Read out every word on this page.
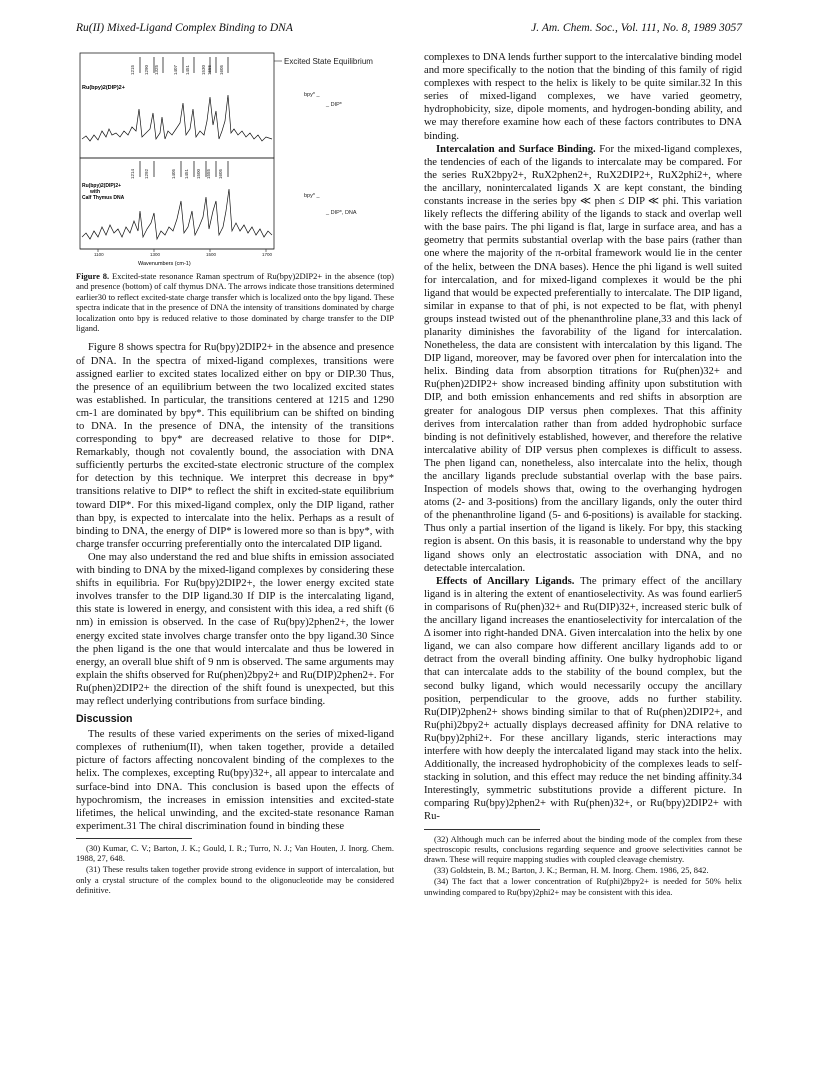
Ru(II) Mixed-Ligand Complex Binding to DNA	J. Am. Chem. Soc., Vol. 111, No. 8, 1989 3057
1215 1290 1325	1407 1451 1530 1555 1605
Ru(bpy)2(DIP)2+
1214 1292	1405 1451 1500 1555 1605
Ru(bpy)2(DIP)2+
with
Calf Thymus DNA
1100	1300	1500	1700
Wavenumbers (cm-1)
Excited State Equilibrium
bpy* _
_ DIP*
bpy* _
_ DIP*, DNA
Figure 8. Excited-state resonance Raman spectrum of Ru(bpy)2DIP2+ in the absence (top) and presence (bottom) of calf thymus DNA. The arrows indicate those transitions determined earlier30 to reflect excited-state charge transfer which is localized onto the bpy ligand. These spectra indicate that in the presence of DNA the intensity of transitions dominated by charge localization onto bpy is reduced relative to those dominated by charge transfer to the DIP ligand.

Figure 8 shows spectra for Ru(bpy)2DIP2+ in the absence and presence of DNA. In the spectra of mixed-ligand complexes, transitions were assigned earlier to excited states localized either on bpy or DIP.30 Thus, the presence of an equilibrium between the two localized excited states was established. In particular, the transitions centered at 1215 and 1290 cm-1 are dominated by bpy*. This equilibrium can be shifted on binding to DNA. In the presence of DNA, the intensity of the transitions corresponding to bpy* are decreased relative to those for DIP*. Remarkably, though not covalently bound, the association with DNA sufficiently perturbs the excited-state electronic structure of the complex for detection by this technique. We interpret this decrease in bpy* transitions relative to DIP* to reflect the shift in excited-state equilibrium toward DIP*. For this mixed-ligand complex, only the DIP ligand, rather than bpy, is expected to intercalate into the helix. Perhaps as a result of binding to DNA, the energy of DIP* is lowered more so than is bpy*, with charge transfer occurring preferentially onto the intercalated DIP ligand.

One may also understand the red and blue shifts in emission associated with binding to DNA by the mixed-ligand complexes by considering these shifts in equilibria. For Ru(bpy)2DIP2+, the lower energy excited state involves transfer to the DIP ligand.30 If DIP is the intercalating ligand, this state is lowered in energy, and consistent with this idea, a red shift (6 nm) in emission is observed. In the case of Ru(bpy)2phen2+, the lower energy excited state involves charge transfer onto the bpy ligand.30 Since the phen ligand is the one that would intercalate and thus be lowered in energy, an overall blue shift of 9 nm is observed. The same arguments may explain the shifts observed for Ru(phen)2bpy2+ and Ru(DIP)2phen2+. For Ru(phen)2DIP2+ the direction of the shift found is unexpected, but this may reflect underlying contributions from surface binding.

Discussion

The results of these varied experiments on the series of mixed-ligand complexes of ruthenium(II), when taken together, provide a detailed picture of factors affecting noncovalent binding of the complexes to the helix. The complexes, excepting Ru(bpy)32+, all appear to intercalate and surface-bind into DNA. This conclusion is based upon the effects of hypochromism, the increases in emission intensities and excited-state lifetimes, the helical unwinding, and the excited-state resonance Raman experiment.31 The chiral discrimination found in binding these

(30) Kumar, C. V.; Barton, J. K.; Gould, I. R.; Turro, N. J.; Van Houten, J. Inorg. Chem. 1988, 27, 648.

(31) These results taken together provide strong evidence in support of intercalation, but only a crystal structure of the complex bound to the oligonucleotide may be considered definitive.

complexes to DNA lends further support to the intercalative binding model and more specifically to the notion that the binding of this family of rigid complexes with respect to the helix is likely to be quite similar.32 In this series of mixed-ligand complexes, we have varied geometry, hydrophobicity, size, dipole moments, and hydrogen-bonding ability, and we may therefore examine how each of these factors contributes to DNA binding.

Intercalation and Surface Binding. For the mixed-ligand complexes, the tendencies of each of the ligands to intercalate may be compared. For the series RuX2bpy2+, RuX2phen2+, RuX2DIP2+, RuX2phi2+, where the ancillary, nonintercalated ligands X are kept constant, the binding constants increase in the series bpy ≪ phen ≤ DIP ≪ phi. This variation likely reflects the differing ability of the ligands to stack and overlap well with the base pairs. The phi ligand is flat, large in surface area, and has a geometry that permits substantial overlap with the base pairs (rather than one where the majority of the π-orbital framework would lie in the center of the helix, between the DNA bases). Hence the phi ligand is well suited for intercalation, and for mixed-ligand complexes it would be the phi ligand that would be expected preferentially to intercalate. The DIP ligand, similar in expanse to that of phi, is not expected to be flat, with phenyl groups instead twisted out of the phenanthroline plane,33 and this lack of planarity diminishes the favorability of the ligand for intercalation. Nonetheless, the data are consistent with intercalation by this ligand. The DIP ligand, moreover, may be favored over phen for intercalation into the helix. Binding data from absorption titrations for Ru(phen)32+ and Ru(phen)2DIP2+ show increased binding affinity upon substitution with DIP, and both emission enhancements and red shifts in absorption are greater for analogous DIP versus phen complexes. That this affinity derives from intercalation rather than from added hydrophobic surface binding is not definitively established, however, and therefore the relative intercalative ability of DIP versus phen complexes is difficult to assess. The phen ligand can, nonetheless, also intercalate into the helix, though the ancillary ligands preclude substantial overlap with the base pairs. Inspection of models shows that, owing to the overhanging hydrogen atoms (2- and 3-positions) from the ancillary ligands, only the outer third of the phenanthroline ligand (5- and 6-positions) is available for stacking. Thus only a partial insertion of the ligand is likely. For bpy, this stacking region is absent. On this basis, it is reasonable to understand why the bpy ligand shows only an electrostatic association with DNA, and no detectable intercalation.

Effects of Ancillary Ligands. The primary effect of the ancillary ligand is in altering the extent of enantioselectivity. As was found earlier5 in comparisons of Ru(phen)32+ and Ru(DIP)32+, increased steric bulk of the ancillary ligand increases the enantioselectivity for intercalation of the Δ isomer into right-handed DNA. Given intercalation into the helix by one ligand, we can also compare how different ancillary ligands add to or detract from the overall binding affinity. One bulky hydrophobic ligand that can intercalate adds to the stability of the bound complex, but the second bulky ligand, which would necessarily occupy the ancillary position, perpendicular to the groove, adds no further stability. Ru(DIP)2phen2+ shows binding similar to that of Ru(phen)2DIP2+, and Ru(phi)2bpy2+ actually displays decreased affinity for DNA relative to Ru(bpy)2phi2+. For these ancillary ligands, steric interactions may interfere with how deeply the intercalated ligand may stack into the helix. Additionally, the increased hydrophobicity of the complexes leads to self-stacking in solution, and this effect may reduce the net binding affinity.34 Interestingly, symmetric substitutions provide a different picture. In comparing Ru(bpy)2phen2+ with Ru(phen)32+, or Ru(bpy)2DIP2+ with Ru-

(32) Although much can be inferred about the binding mode of the complex from these spectroscopic results, conclusions regarding sequence and groove selectivities cannot be drawn. These will require mapping studies with coupled cleavage chemistry.

(33) Goldstein, B. M.; Barton, J. K.; Berman, H. M. Inorg. Chem. 1986, 25, 842.

(34) The fact that a lower concentration of Ru(phi)2bpy2+ is needed for 50% helix unwinding compared to Ru(bpy)2phi2+ may be consistent with this idea.
